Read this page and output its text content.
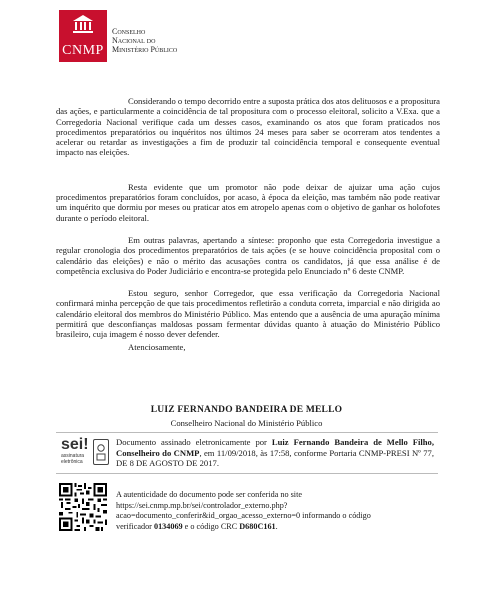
CNMP
Conselho
Nacional do
Ministério Público

Considerando o tempo decorrido entre a suposta prática dos atos delituosos e a propositura das ações, e particularmente a coincidência de tal propositura com o processo eleitoral, solicito a V.Exa. que a Corregedoria Nacional verifique cada um desses casos, examinando os atos que foram praticados nos procedimentos preparatórios ou inquéritos nos últimos 24 meses para saber se ocorreram atos tendentes a acelerar ou retardar as investigações a fim de produzir tal coincidência temporal e consequente eventual impacto nas eleições.

Resta evidente que um promotor não pode deixar de ajuizar uma ação cujos procedimentos preparatórios foram concluídos, por acaso, à época da eleição, mas também não pode reativar um inquérito que dormiu por meses ou praticar atos em atropelo apenas com o objetivo de ganhar os holofotes durante o período eleitoral.

Em outras palavras, apertando a síntese: proponho que esta Corregedoria investigue a regular cronologia dos procedimentos preparatórios de tais ações (e se houve coincidência proposital com o calendário das eleições) e não o mérito das acusações contra os candidatos, já que essa análise é de competência exclusiva do Poder Judiciário e encontra-se protegida pelo Enunciado nº 6 deste CNMP.

Estou seguro, senhor Corregedor, que essa verificação da Corregedoria Nacional confirmará minha percepção de que tais procedimentos refletirão a conduta correta, imparcial e não dirigida ao calendário eleitoral dos membros do Ministério Público. Mas entendo que a ausência de uma apuração mínima permitirá que desconfianças maldosas possam fermentar dúvidas quanto à atuação do Ministério Público brasileiro, cuja imagem é nosso dever defender.

Atenciosamente,

LUIZ FERNANDO BANDEIRA DE MELLO
Conselheiro Nacional do Ministério Público
sei!
assinatura eletrônica
Documento assinado eletronicamente por Luiz Fernando Bandeira de Mello Filho, Conselheiro do CNMP, em 11/09/2018, às 17:58, conforme Portaria CNMP-PRESI Nº 77, DE 8 DE AGOSTO DE 2017.
A autenticidade do documento pode ser conferida no site
https://sei.cnmp.mp.br/sei/controlador_externo.php?
acao=documento_conferir&id_orgao_acesso_externo=0 informando o código
verificador 0134069 e o código CRC D680C161.
